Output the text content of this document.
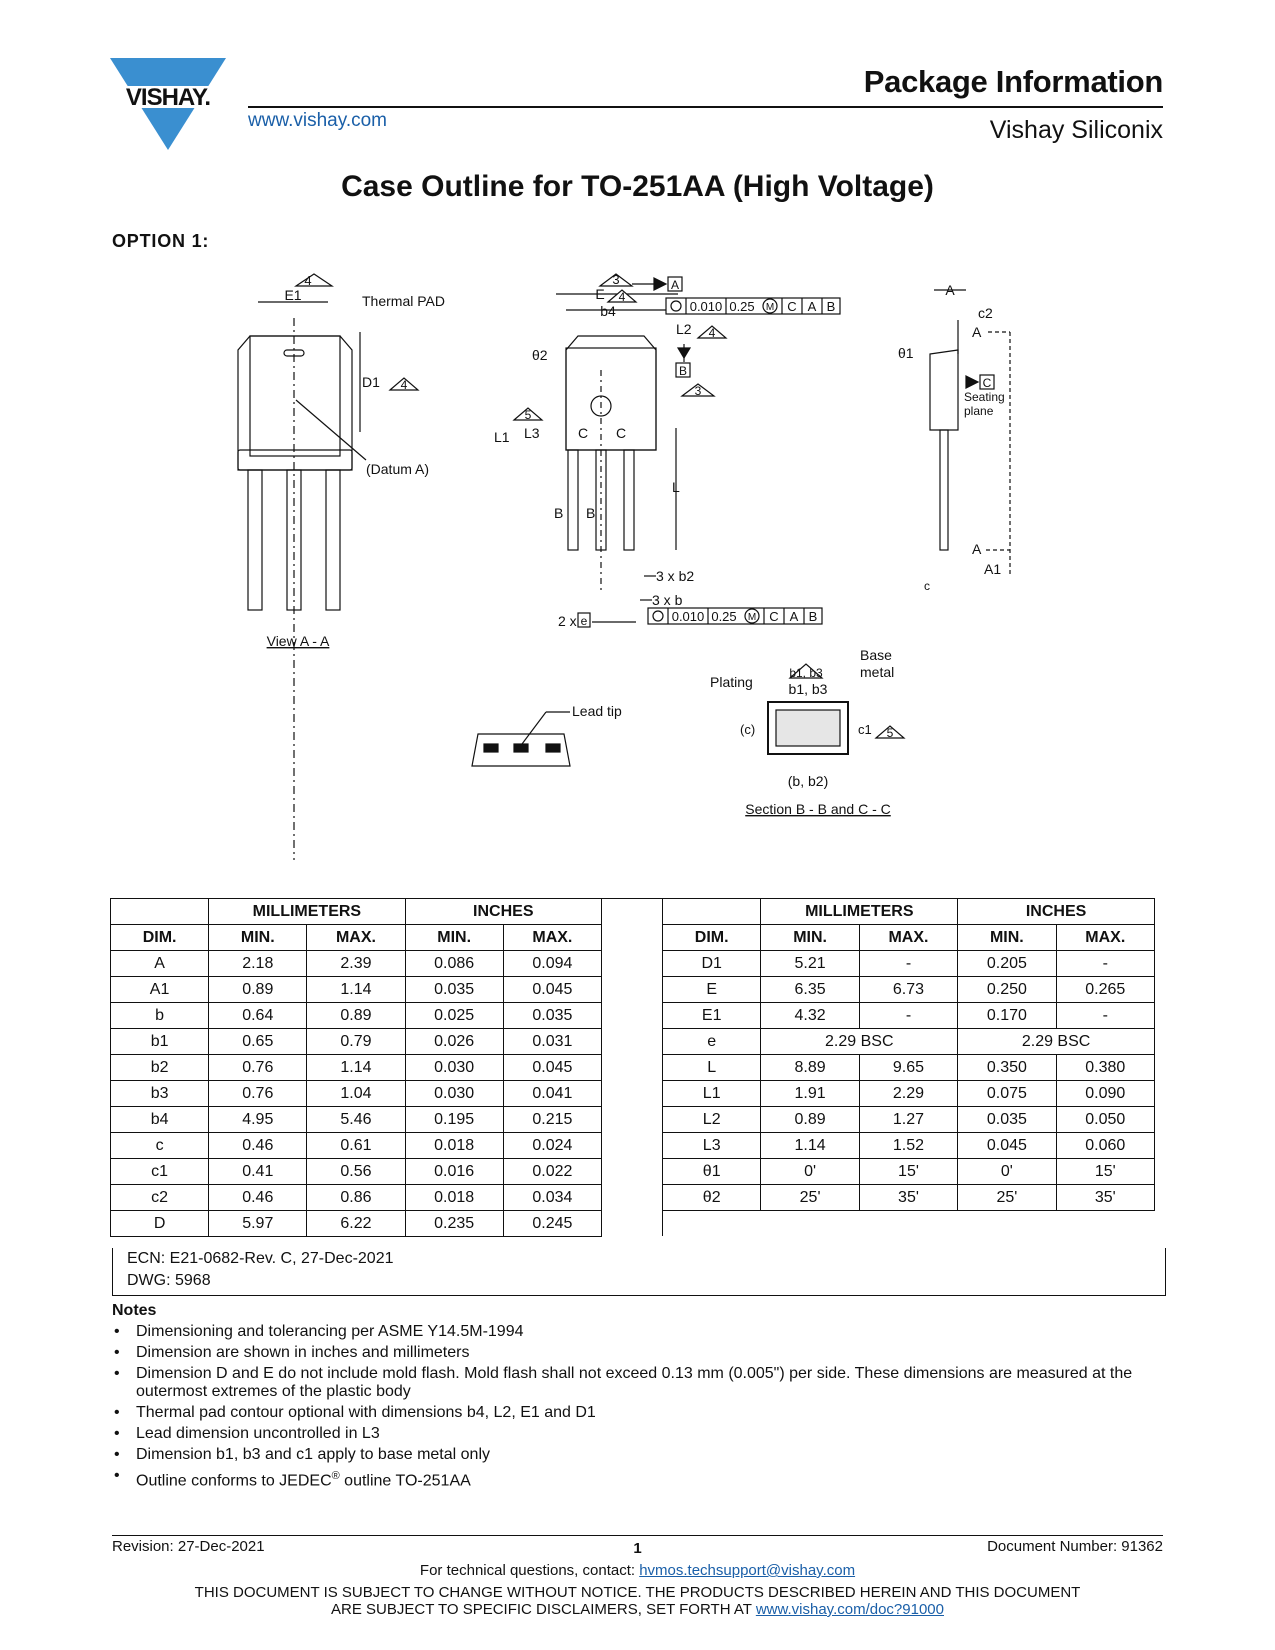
VISHAY.	Package Information
www.vishay.com	Vishay Siliconix
Case Outline for TO-251AA (High Voltage)
OPTION 1:
4
E1	Thermal PAD
D1 4
(Datum A)
View A - A
3	A
E 4
b4	0.010 0.25 M C A B
L2 4
θ2
B
3
5
L1 L3	C C
L
B B
3 x b2
3 x b
2 x e	0.010 0.25 M C A B
A
c2
A
θ1
C
Seating
plane
A
A1
c
Lead tip
Base
metal
Plating
b1, b3
b1, b3
(c)	c1 5
(b, b2)
Section B - B and C - C
	MILLIMETERS		INCHES	
DIM.	MIN.	MAX.	MIN.	MAX.
A	2.18	2.39	0.086	0.094
A1	0.89	1.14	0.035	0.045
b	0.64	0.89	0.025	0.035
b1	0.65	0.79	0.026	0.031
b2	0.76	1.14	0.030	0.045
b3	0.76	1.04	0.030	0.041
b4	4.95	5.46	0.195	0.215
c	0.46	0.61	0.018	0.024
c1	0.41	0.56	0.016	0.022
c2	0.46	0.86	0.018	0.034
D	5.97	6.22	0.235	0.245
	MILLIMETERS		INCHES	
DIM.	MIN.	MAX.	MIN.	MAX.
D1	5.21	-	0.205	-
E	6.35	6.73	0.250	0.265
E1	4.32	-	0.170	-
e	2.29 BSC		2.29 BSC	
L	8.89	9.65	0.350	0.380
L1	1.91	2.29	0.075	0.090
L2	0.89	1.27	0.035	0.050
L3	1.14	1.52	0.045	0.060
θ1	0'	15'	0'	15'
θ2	25'	35'	25'	35'

ECN: E21-0682-Rev. C, 27-Dec-2021
DWG: 5968
Notes
• Dimensioning and tolerancing per ASME Y14.5M-1994
• Dimension are shown in inches and millimeters
• Dimension D and E do not include mold flash. Mold flash shall not exceed 0.13 mm (0.005") per side. These dimensions are measured at the outermost extremes of the plastic body
• Thermal pad contour optional with dimensions b4, L2, E1 and D1
• Lead dimension uncontrolled in L3
• Dimension b1, b3 and c1 apply to base metal only
• Outline conforms to JEDEC® outline TO-251AA
Revision: 27-Dec-2021	1	Document Number: 91362
For technical questions, contact: hvmos.techsupport@vishay.com
THIS DOCUMENT IS SUBJECT TO CHANGE WITHOUT NOTICE. THE PRODUCTS DESCRIBED HEREIN AND THIS DOCUMENT
ARE SUBJECT TO SPECIFIC DISCLAIMERS, SET FORTH AT www.vishay.com/doc?91000
